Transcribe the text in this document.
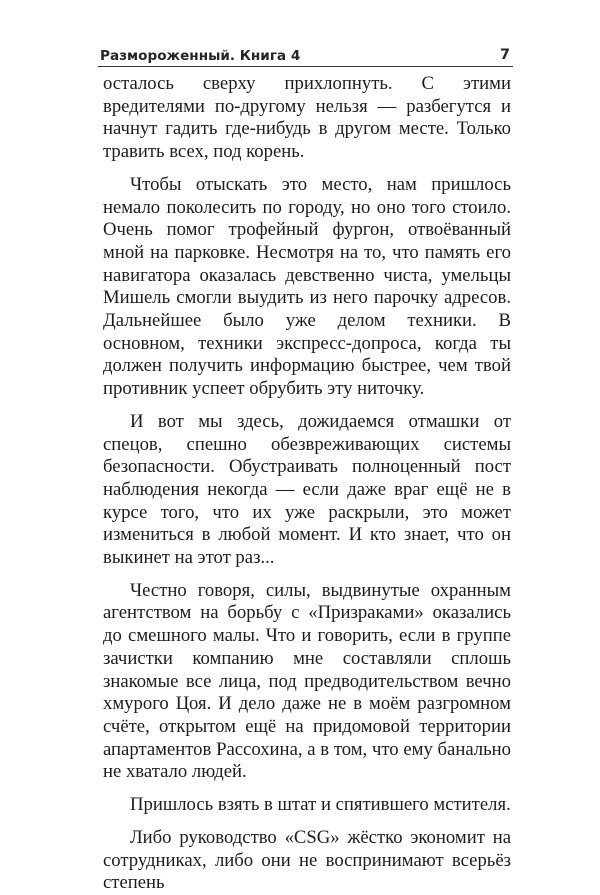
Размороженный. Книга 4	7

осталось сверху прихлопнуть. С этими вредителями по-другому нельзя — разбегутся и начнут гадить где-нибудь в другом месте. Только травить всех, под корень.

Чтобы отыскать это место, нам пришлось немало поколесить по городу, но оно того стоило. Очень помог трофейный фургон, отвоёванный мной на парковке. Несмотря на то, что память его навигатора оказалась девственно чиста, умельцы Мишель смогли выудить из него парочку адресов. Дальнейшее было уже делом техники. В основном, техники экспресс-допроса, когда ты должен получить информацию быстрее, чем твой противник успеет обрубить эту ниточку.

И вот мы здесь, дожидаемся отмашки от спецов, спешно обезвреживающих системы безопасности. Обустраивать полноценный пост наблюдения некогда — если даже враг ещё не в курсе того, что их уже раскрыли, это может измениться в любой момент. И кто знает, что он выкинет на этот раз...

Честно говоря, силы, выдвинутые охранным агентством на борьбу с «Призраками» оказались до смешного малы. Что и говорить, если в группе зачистки компанию мне составляли сплошь знакомые все лица, под предводительством вечно хмурого Цоя. И дело даже не в моём разгромном счёте, открытом ещё на придомовой территории апартаментов Рассохина, а в том, что ему банально не хватало людей.

Пришлось взять в штат и спятившего мстителя.

Либо руководство «CSG» жёстко экономит на сотрудниках, либо они не воспринимают всерьёз степень
